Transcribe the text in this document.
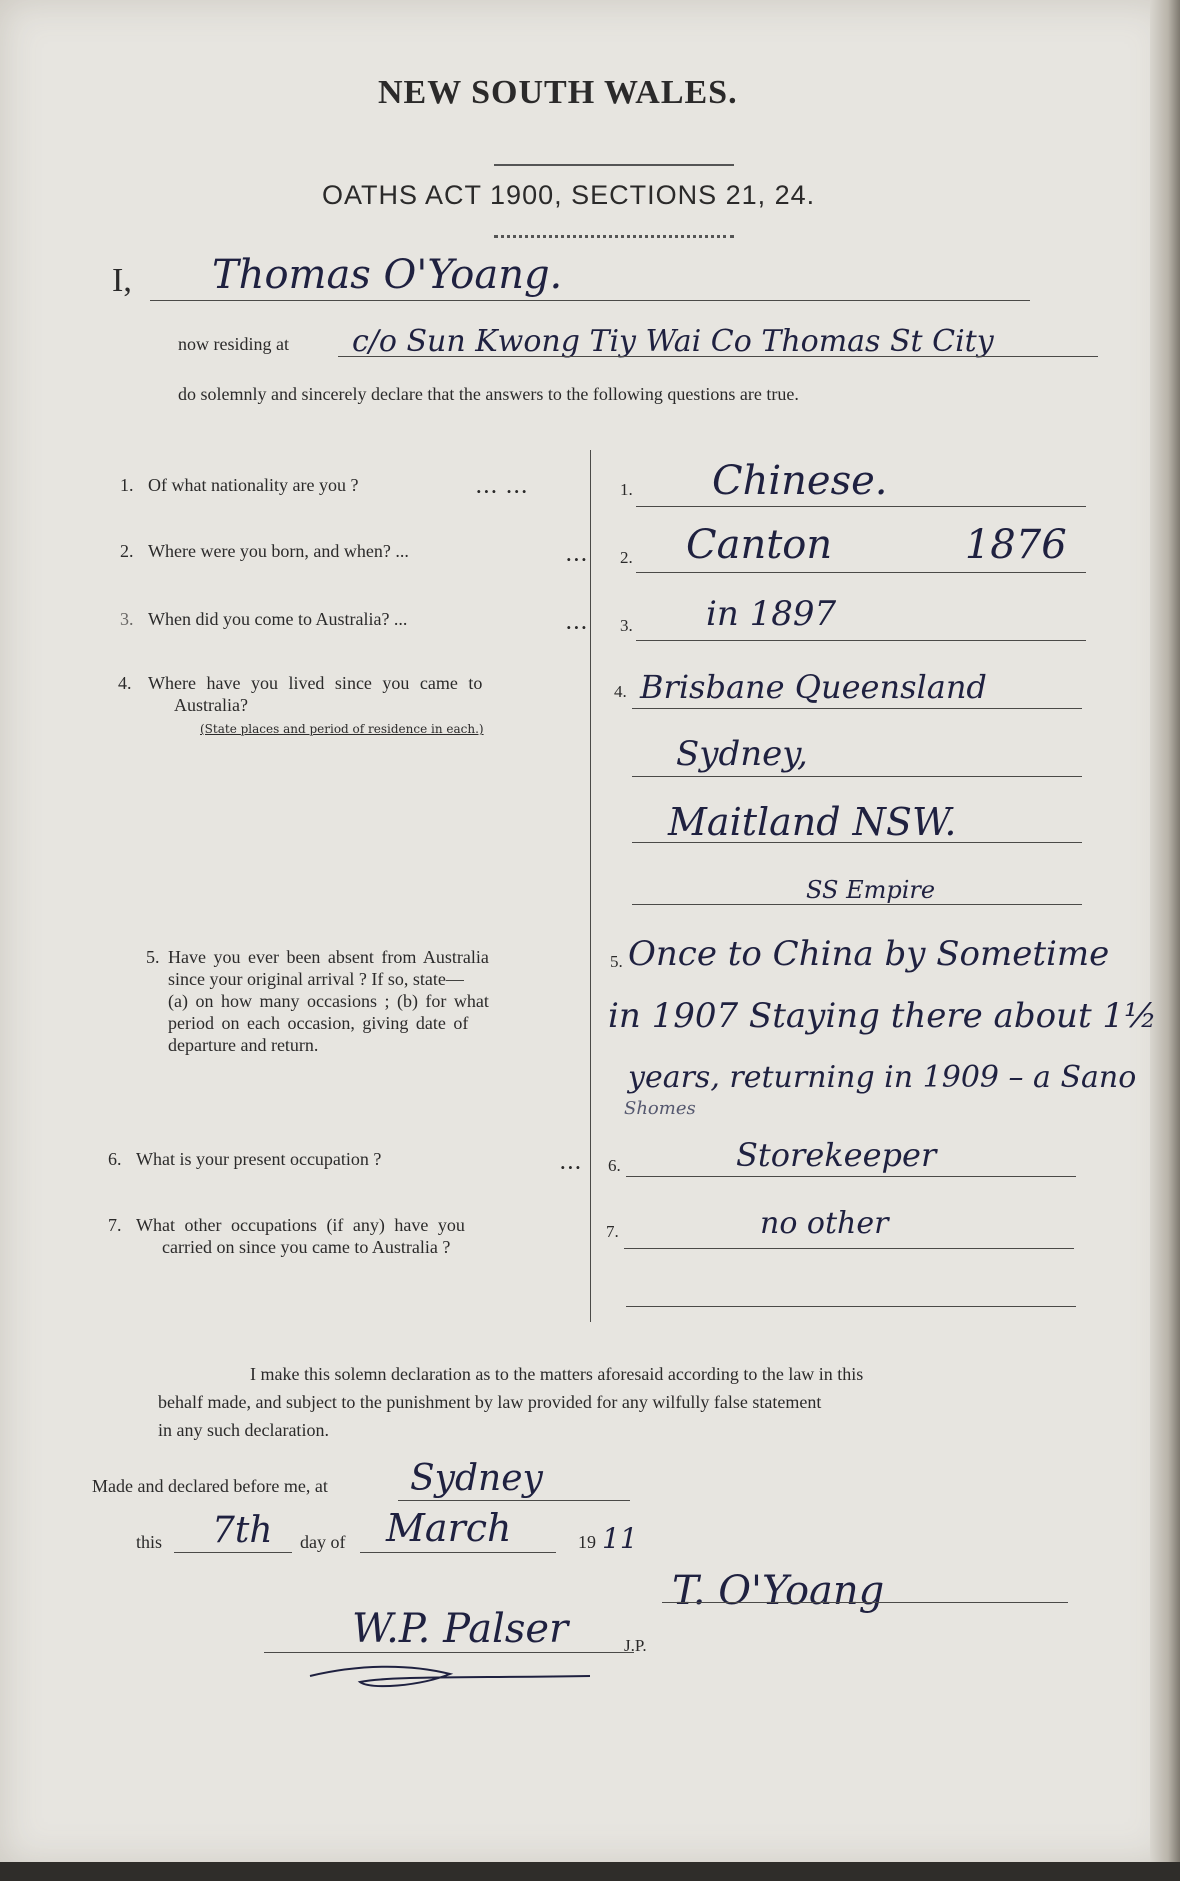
NEW SOUTH WALES.
OATHS ACT 1900, SECTIONS 21, 24.
I, Thomas O'Yoang.
now residing at c/o Sun Kwong Tiy Wai Co Thomas St City
do solemnly and sincerely declare that the answers to the following questions are true.
1. Of what nationality are you ?	... ...	1. Chinese.
2. Where were you born, and when? ...	... 2. Canton 1876
3. When did you come to Australia? ...	... 3. in 1897
4. Where have you lived since you came to
Australia?
(State places and period of residence in each.)
4. Brisbane Queensland
Sydney,
Maitland NSW.
SS Empire
5. Have you ever been absent from Australia
since your original arrival ? If so, state—
(a) on how many occasions ; (b) for what
period on each occasion, giving date of
departure and return.
5. Once to China by Sometime
in 1907 Staying there about 1½
years, returning in 1909 – a Sano
Shomes
6. What is your present occupation ?	... 6.	Storekeeper
7. What other occupations (if any) have you
carried on since you came to Australia ?
7.	no other
I make this solemn declaration as to the matters aforesaid according to the law in this
behalf made, and subject to the punishment by law provided for any wilfully false statement
in any such declaration.
Made and declared before me, at Sydney
this 7th day of March	19 11
T. O'Yoang
W.P. Palser	J.P.
